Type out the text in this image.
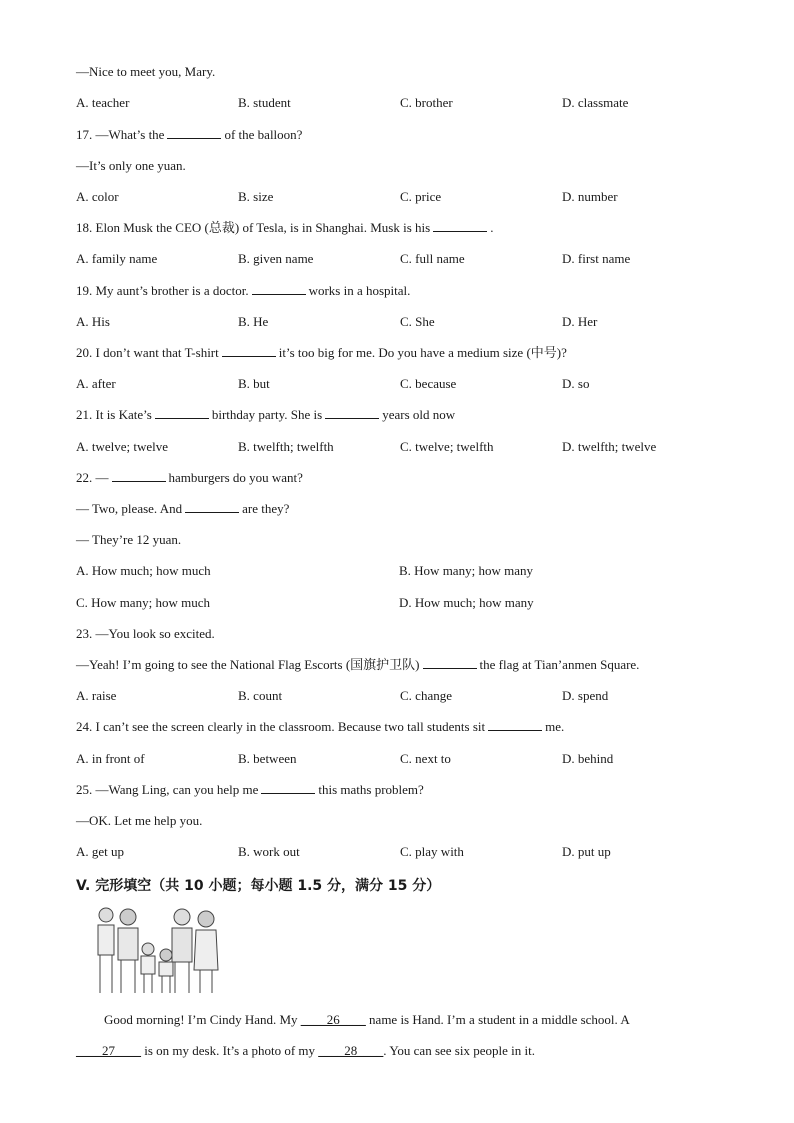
—Nice to meet you, Mary.
A. teacher	B. student	C. brother	D. classmate
17. —What’s the	of the balloon?
—It’s only one yuan.
A. color	B. size	C. price	D. number
18. Elon Musk the CEO (总裁) of Tesla, is in Shanghai. Musk is his	.
A. family name	B. given name	C. full name	D. first name
19. My aunt’s brother is a doctor.	works in a hospital.
A. His	B. He	C. She	D. Her
20. I don’t want that T-shirt	it’s too big for me. Do you have a medium size (中号)?
A. after	B. but	C. because	D. so
21. It is Kate’s	birthday party. She is	years old now
A. twelve; twelve	B. twelfth; twelfth	C. twelve; twelfth	D. twelfth; twelve
22. —	hamburgers do you want?
— Two, please. And	are they?
— They’re 12 yuan.
A. How much; how much	B. How many; how many
C. How many; how much	D. How much; how many
23. —You look so excited.
—Yeah! I’m going to see the National Flag Escorts (国旗护卫队)	the flag at Tian’anmen Square.
A. raise	B. count	C. change	D. spend
24. I can’t see the screen clearly in the classroom. Because two tall students sit	me.
A. in front of	B. between	C. next to	D. behind
25. —Wang Ling, can you help me	this maths problem?
—OK. Let me help you.
A. get up	B. work out	C. play with	D. put up
V. 完形填空（共 10 小题；每小题 1.5 分，满分 15 分）
Good morning! I’m Cindy Hand. My ____26____ name is Hand. I’m a student in a middle school. A
____27____ is on my desk. It’s a photo of my ____28____. You can see six people in it.
